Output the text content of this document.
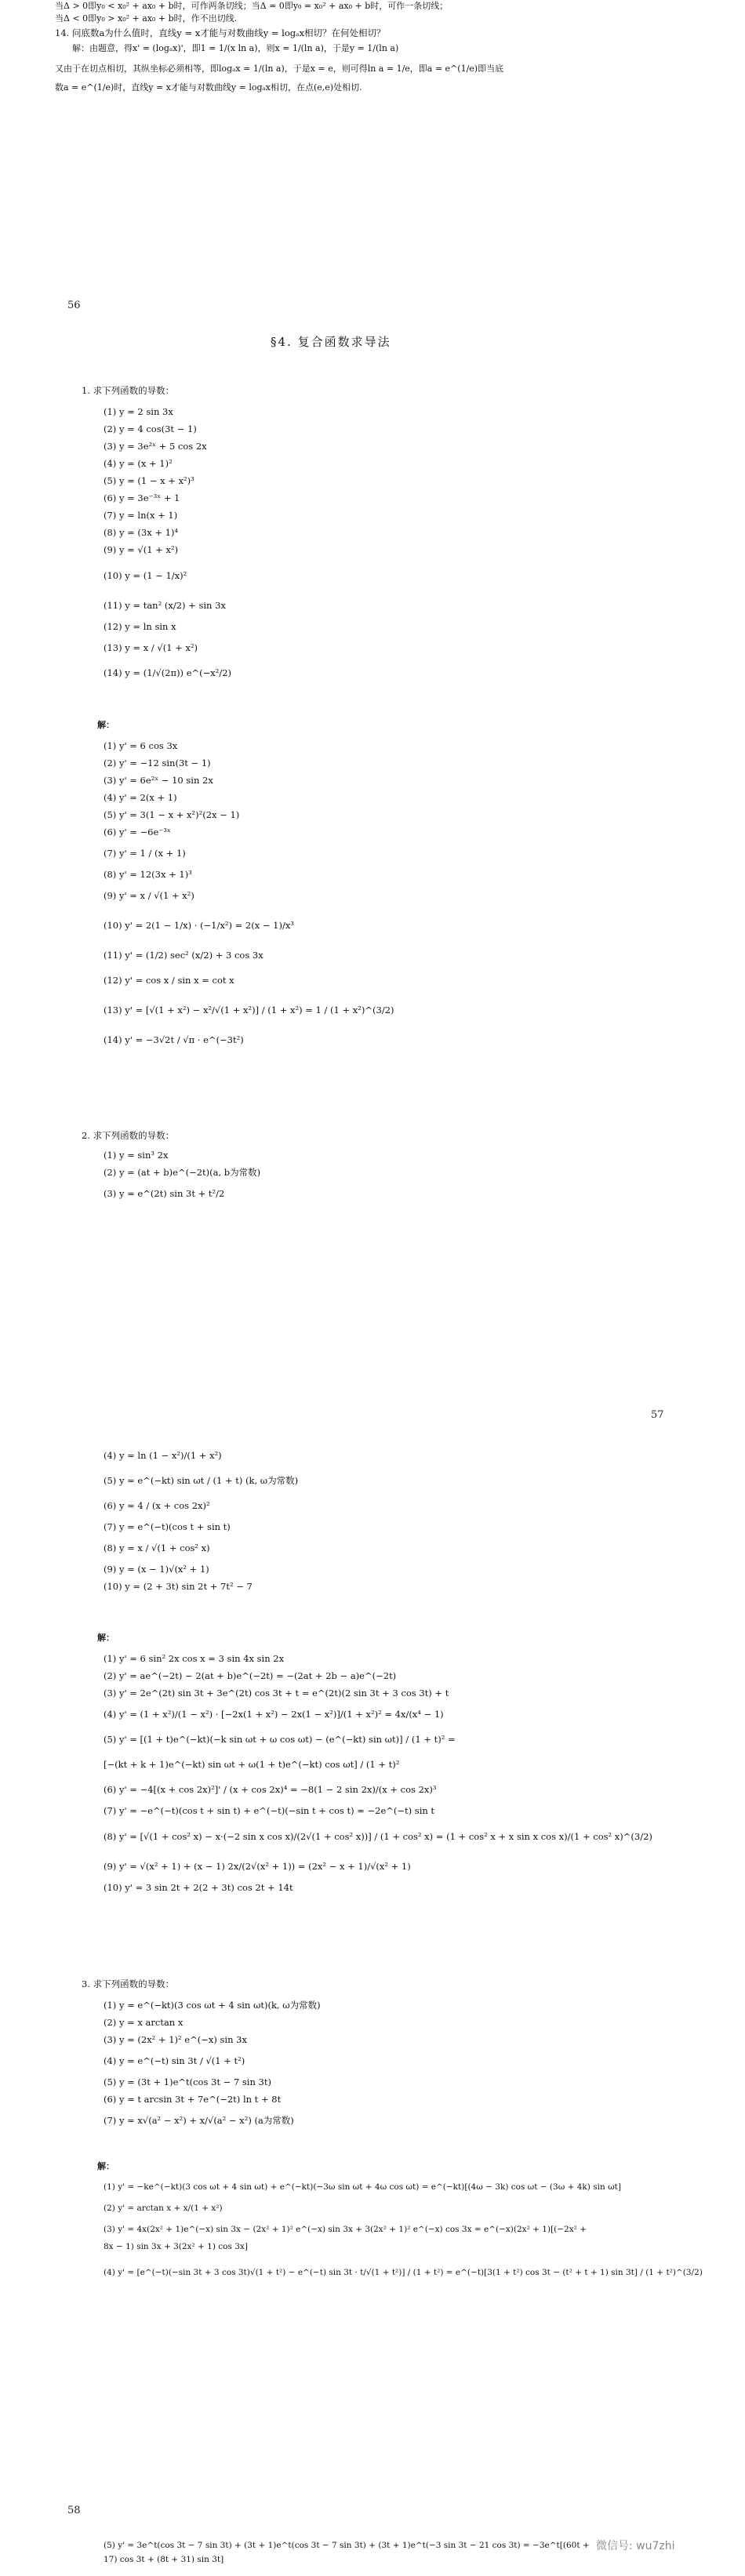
当Δ > 0即y₀ < x₀² + ax₀ + b时，可作两条切线；当Δ = 0即y₀ = x₀² + ax₀ + b时，可作一条切线；
当Δ < 0即y₀ > x₀² + ax₀ + b时，作不出切线.
14. 问底数a为什么值时，直线y = x才能与对数曲线y = logₐx相切？在何处相切？
解：由题意，得x' = (logₐx)'，即1 = 1/(x ln a)，则x = 1/(ln a)，于是y = 1/(ln a)
又由于在切点相切，其纵坐标必须相等，即logₐx = 1/(ln a)，于是x = e，则可得ln a = 1/e，即a = e^(1/e)即当底
数a = e^(1/e)时，直线y = x才能与对数曲线y = logₐx相切，在点(e,e)处相切.
56
§4. 复合函数求导法
1. 求下列函数的导数：
(1) y = 2 sin 3x
(2) y = 4 cos(3t − 1)
(3) y = 3e²ˣ + 5 cos 2x
(4) y = (x + 1)²
(5) y = (1 − x + x²)³
(6) y = 3e⁻³ˣ + 1
(7) y = ln(x + 1)
(8) y = (3x + 1)⁴
(9) y = √(1 + x²)
(10) y = (1 − 1/x)²
(11) y = tan² (x/2) + sin 3x
(12) y = ln sin x
(13) y = x / √(1 + x²)
(14) y = (1/√(2π)) e^(−x²/2)
解：
(1) y' = 6 cos 3x
(2) y' = −12 sin(3t − 1)
(3) y' = 6e²ˣ − 10 sin 2x
(4) y' = 2(x + 1)
(5) y' = 3(1 − x + x²)²(2x − 1)
(6) y' = −6e⁻³ˣ
(7) y' = 1 / (x + 1)
(8) y' = 12(3x + 1)³
(9) y' = x / √(1 + x²)
(10) y' = 2(1 − 1/x) · (−1/x²) = 2(x − 1)/x³
(11) y' = (1/2) sec² (x/2) + 3 cos 3x
(12) y' = cos x / sin x = cot x
(13) y' = [√(1 + x²) − x²/√(1 + x²)] / (1 + x²) = 1 / (1 + x²)^(3/2)
(14) y' = −3√2t / √π · e^(−3t²)
2. 求下列函数的导数：
(1) y = sin³ 2x
(2) y = (at + b)e^(−2t)(a, b为常数)
(3) y = e^(2t) sin 3t + t²/2
57
(4) y = ln (1 − x²)/(1 + x²)
(5) y = e^(−kt) sin ωt / (1 + t) (k, ω为常数)
(6) y = 4 / (x + cos 2x)²
(7) y = e^(−t)(cos t + sin t)
(8) y = x / √(1 + cos² x)
(9) y = (x − 1)√(x² + 1)
(10) y = (2 + 3t) sin 2t + 7t² − 7
解：
(1) y' = 6 sin² 2x cos x = 3 sin 4x sin 2x
(2) y' = ae^(−2t) − 2(at + b)e^(−2t) = −(2at + 2b − a)e^(−2t)
(3) y' = 2e^(2t) sin 3t + 3e^(2t) cos 3t + t = e^(2t)(2 sin 3t + 3 cos 3t) + t
(4) y' = (1 + x²)/(1 − x²) · [−2x(1 + x²) − 2x(1 − x²)]/(1 + x²)² = 4x/(x⁴ − 1)
(5) y' = [(1 + t)e^(−kt)(−k sin ωt + ω cos ωt) − (e^(−kt) sin ωt)] / (1 + t)² =
[−(kt + k + 1)e^(−kt) sin ωt + ω(1 + t)e^(−kt) cos ωt] / (1 + t)²
(6) y' = −4[(x + cos 2x)²]' / (x + cos 2x)⁴ = −8(1 − 2 sin 2x)/(x + cos 2x)³
(7) y' = −e^(−t)(cos t + sin t) + e^(−t)(−sin t + cos t) = −2e^(−t) sin t
(8) y' = [√(1 + cos² x) − x·(−2 sin x cos x)/(2√(1 + cos² x))] / (1 + cos² x) = (1 + cos² x + x sin x cos x)/(1 + cos² x)^(3/2)
(9) y' = √(x² + 1) + (x − 1) 2x/(2√(x² + 1)) = (2x² − x + 1)/√(x² + 1)
(10) y' = 3 sin 2t + 2(2 + 3t) cos 2t + 14t
3. 求下列函数的导数：
(1) y = e^(−kt)(3 cos ωt + 4 sin ωt)(k, ω为常数)
(2) y = x arctan x
(3) y = (2x² + 1)² e^(−x) sin 3x
(4) y = e^(−t) sin 3t / √(1 + t²)
(5) y = (3t + 1)e^t(cos 3t − 7 sin 3t)
(6) y = t arcsin 3t + 7e^(−2t) ln t + 8t
(7) y = x√(a² − x²) + x/√(a² − x²) (a为常数)
解：
(1) y' = −ke^(−kt)(3 cos ωt + 4 sin ωt) + e^(−kt)(−3ω sin ωt + 4ω cos ωt) = e^(−kt)[(4ω − 3k) cos ωt − (3ω + 4k) sin ωt]
(2) y' = arctan x + x/(1 + x²)
(3) y' = 4x(2x² + 1)e^(−x) sin 3x − (2x² + 1)² e^(−x) sin 3x + 3(2x² + 1)² e^(−x) cos 3x = e^(−x)(2x² + 1)[(−2x² +
8x − 1) sin 3x + 3(2x² + 1) cos 3x]
(4) y' = [e^(−t)(−sin 3t + 3 cos 3t)√(1 + t²) − e^(−t) sin 3t · t/√(1 + t²)] / (1 + t²) = e^(−t)[3(1 + t²) cos 3t − (t² + t + 1) sin 3t] / (1 + t²)^(3/2)
58
(5) y' = 3e^t(cos 3t − 7 sin 3t) + (3t + 1)e^t(cos 3t − 7 sin 3t) + (3t + 1)e^t(−3 sin 3t − 21 cos 3t) = −3e^t[(60t +
17) cos 3t + (8t + 31) sin 3t]
微信号: wu7zhi
